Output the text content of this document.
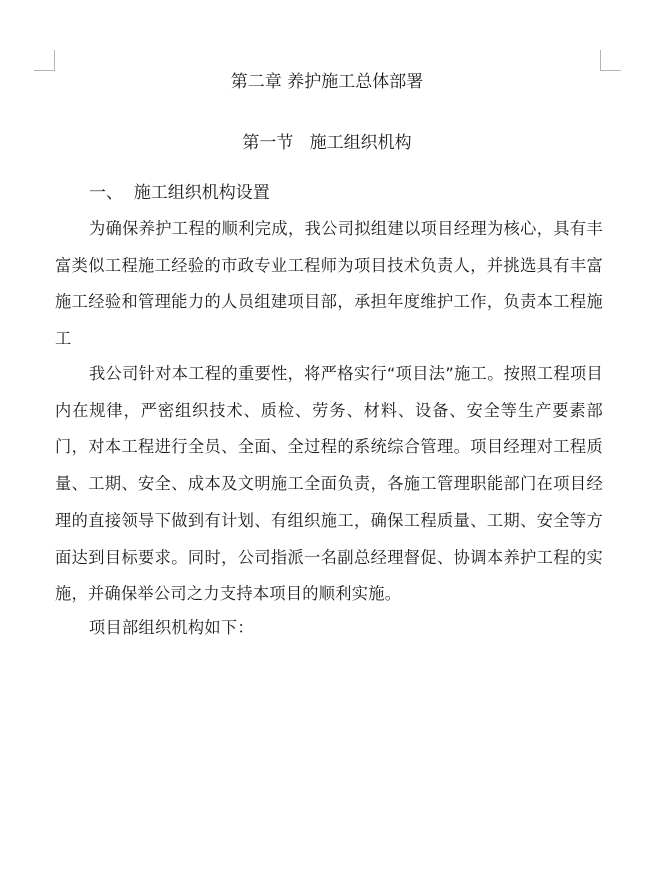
第二章 养护施工总体部署
第一节   施工组织机构
一、  施工组织机构设置

为确保养护工程的顺利完成，我公司拟组建以项目经理为核心，具有丰富类似工程施工经验的市政专业工程师为项目技术负责人，并挑选具有丰富施工经验和管理能力的人员组建项目部，承担年度维护工作，负责本工程施工

我公司针对本工程的重要性，将严格实行“项目法”施工。按照工程项目内在规律，严密组织技术、质检、劳务、材料、设备、安全等生产要素部门，对本工程进行全员、全面、全过程的系统综合管理。项目经理对工程质量、工期、安全、成本及文明施工全面负责，各施工管理职能部门在项目经理的直接领导下做到有计划、有组织施工，确保工程质量、工期、安全等方面达到目标要求。同时，公司指派一名副总经理督促、协调本养护工程的实施，并确保举公司之力支持本项目的顺利实施。

项目部组织机构如下：
